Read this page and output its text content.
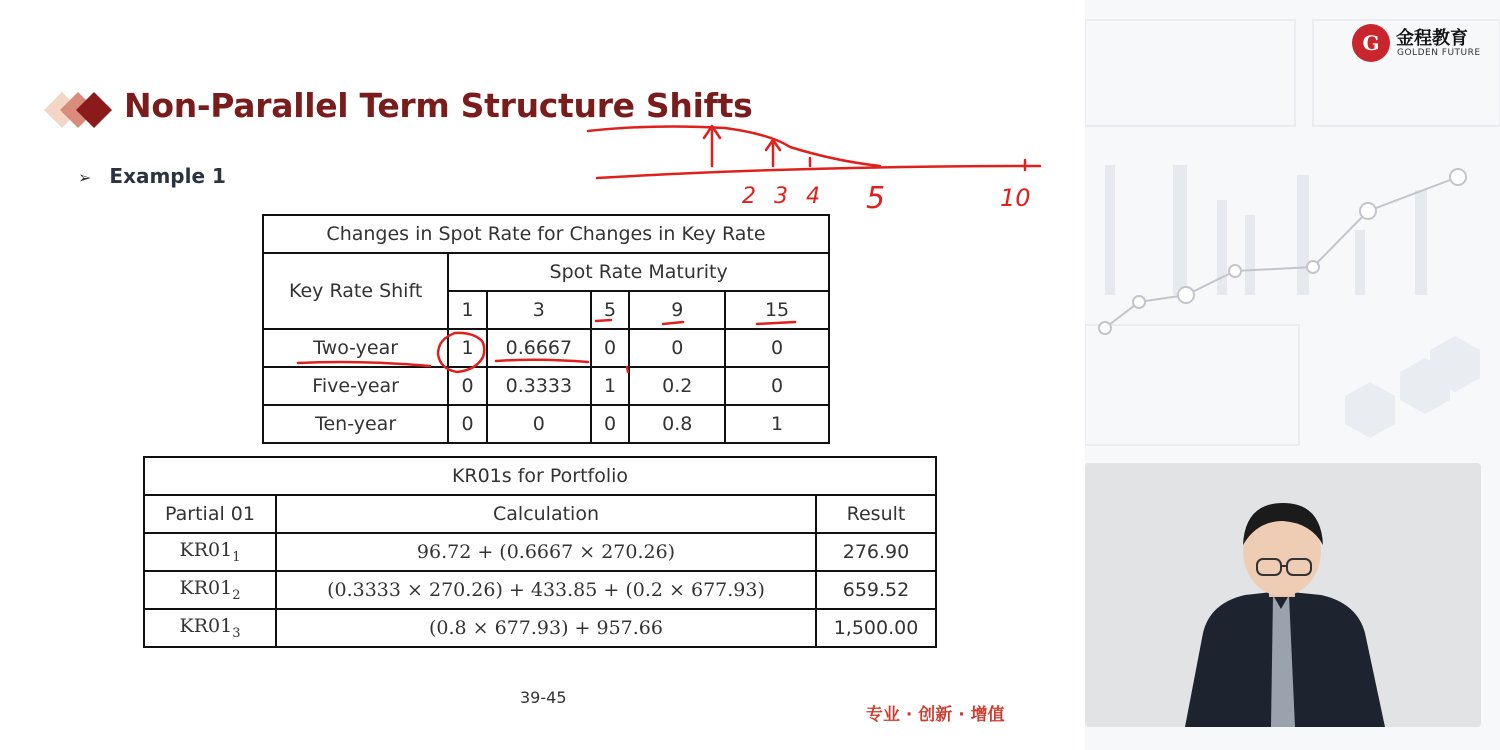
Non-Parallel Term Structure Shifts
➢ Example 1
Changes in Spot Rate for Changes in Key Rate					
Key Rate Shift	Spot Rate Maturity				
	1	3	5	9	15
Two-year	1	0.6667	0	0	0
Five-year	0	0.3333	1	0.2	0
Ten-year	0	0	0	0.8	1
KR01s for Portfolio		
Partial 01	Calculation	Result
$KR01_1$	96.72 + (0.6667 × 270.26)	276.90
$KR01_2$	(0.3333 × 270.26) + 433.85 + (0.2 × 677.93)	659.52
$KR01_3$	(0.8 × 677.93) + 957.66	1,500.00
39-45
专业 · 创新 · 增值
G 金程教育
GOLDEN FUTURE
2 3 4 5	10
